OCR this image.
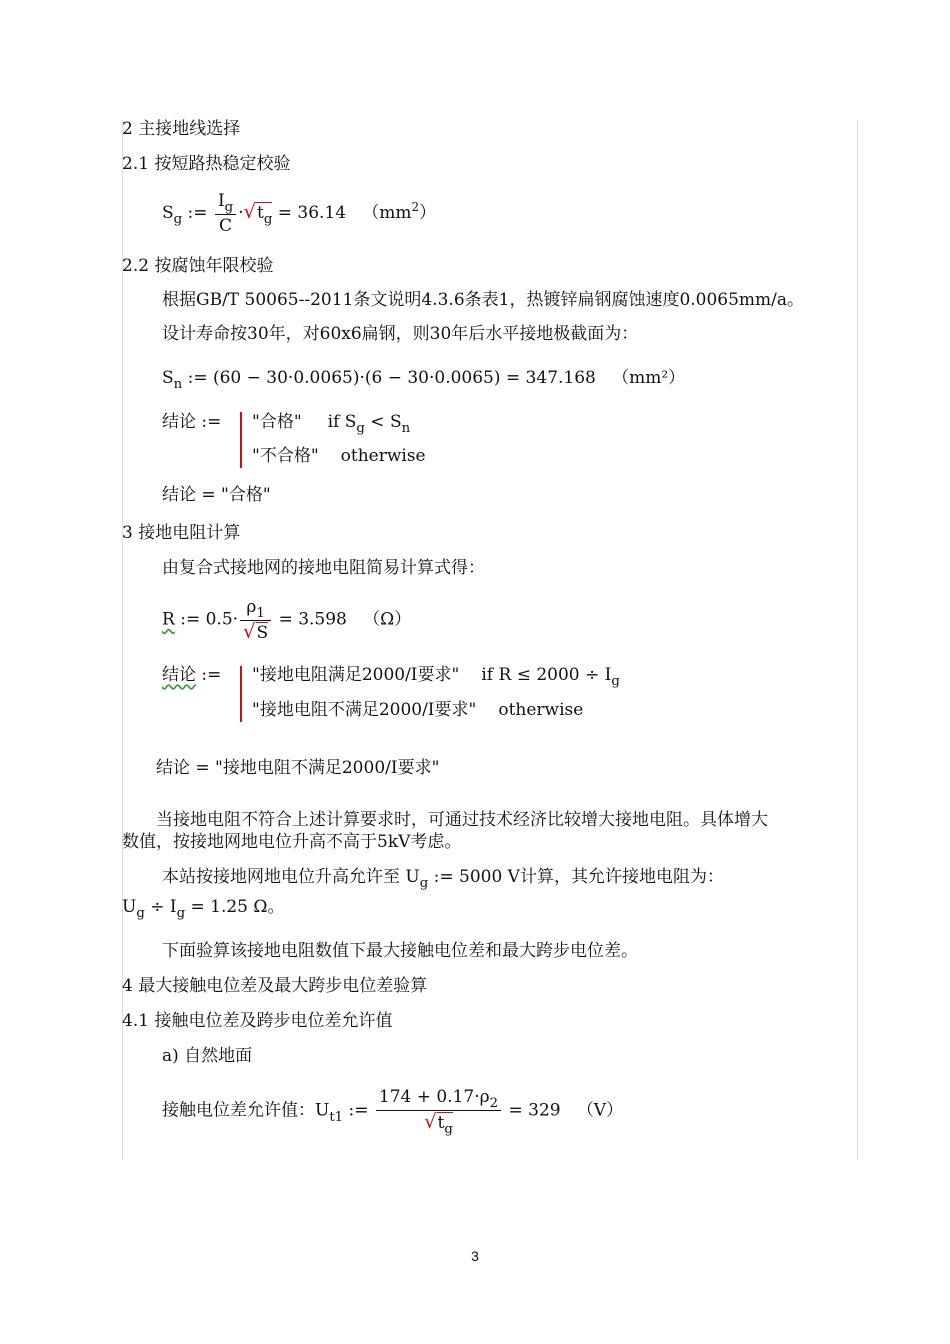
2 主接地线选择
2.1 按短路热稳定校验
$S_g$ := $\frac{I_g}{C} \cdot√t_g = 36.14$ $(mm^2)$
2.2 按腐蚀年限校验
根据GB/T 50065--2011条文说明4.3.6条表1，热镀锌扁钢腐蚀速度0.0065mm/a。
设计寿命按30年，对60x6扁钢，则30年后水平接地极截面为：
$S_n$ := (60 − 30·0.0065)·(6 − 30·0.0065) = 347.168 （mm²）
结论 := "合格" if $S_g < S_n$
"不合格" otherwise
结论 = "合格"
3 接地电阻计算
由复合式接地网的接地电阻简易计算式得：
R := $0.5\cdot \frac{\rho_1}{√S} = 3.598$ （Ω）
结论 := "接地电阻满足2000/I要求" if $R \le 2000 \div I_g$
"接地电阻不满足2000/I要求" otherwise
结论 = "接地电阻不满足2000/I要求"
当接地电阻不符合上述计算要求时，可通过技术经济比较增大接地电阻。具体增大
数值，按接地网地电位升高不高于5kV考虑。
本站按接地网地电位升高允许至 $U_g$ := 5000 V计算，其允许接地电阻为：
$U_g \div I_g = 1.25$ Ω。
下面验算该接地电阻数值下最大接触电位差和最大跨步电位差。
4 最大接触电位差及最大跨步电位差验算
4.1 接触电位差及跨步电位差允许值
a) 自然地面
接触电位差允许值：$U_{t1}$ := $\frac{174 + 0.17\cdot\rho_2}{√t_g} = 329$ （V）
3
